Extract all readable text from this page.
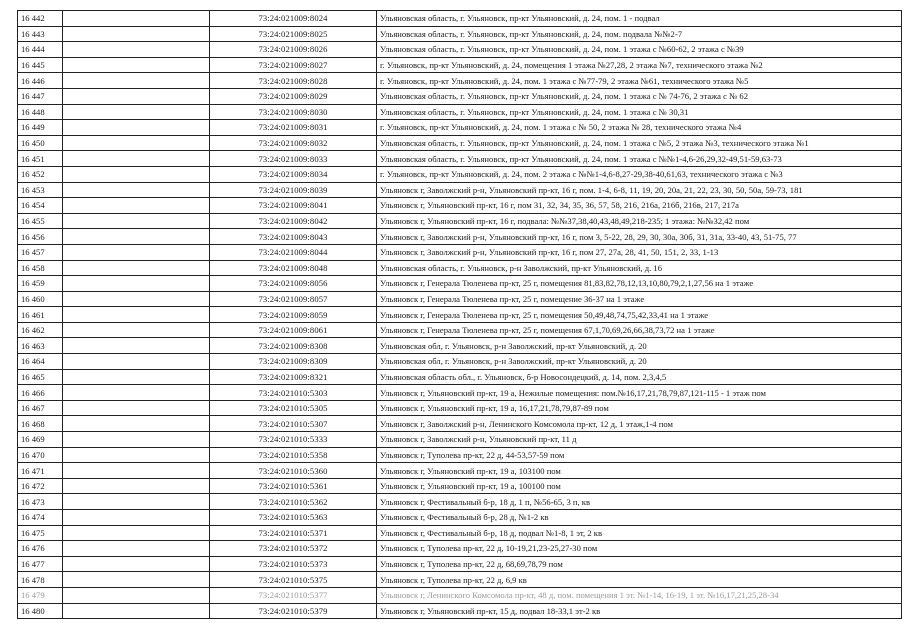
16 442		73:24:021009:8024	Ульяновская область, г. Ульяновск, пр-кт Ульяновский, д. 24, пом. 1 - подвал
16 443		73:24:021009:8025	Ульяновская область, г. Ульяновск, пр-кт Ульяновский, д. 24, пом. подвала №№2-7
16 444		73:24:021009:8026	Ульяновская область, г. Ульяновск, пр-кт Ульяновский, д. 24, пом. 1 этажа с №60-62, 2 этажа с №39
16 445		73:24:021009:8027	г. Ульяновск, пр-кт Ульяновский, д. 24, помещения 1 этажа №27,28, 2 этажа №7, технического этажа №2
16 446		73:24:021009:8028	г. Ульяновск, пр-кт Ульяновский, д. 24, пом. 1 этажа с №77-79, 2 этажа №61, технического этажа №5
16 447		73:24:021009:8029	Ульяновская область, г. Ульяновск, пр-кт Ульяновский, д. 24, пом. 1 этажа с № 74-76, 2 этажа с № 62
16 448		73:24:021009:8030	Ульяновская область, г. Ульяновск, пр-кт Ульяновский, д. 24, пом. 1 этажа с № 30,31
16 449		73:24:021009:8031	г. Ульяновск, пр-кт Ульяновский, д. 24, пом. 1 этажа с № 50, 2 этажа № 28, технического этажа №4
16 450		73:24:021009:8032	Ульяновская область, г. Ульяновск, пр-кт Ульяновский, д. 24, пом. 1 этажа с №5, 2 этажа №3, технического этажа №1
16 451		73:24:021009:8033	Ульяновская область, г. Ульяновск, пр-кт Ульяновский, д. 24, пом. 1 этажа с №№1-4,6-26,29,32-49,51-59,63-73
16 452		73:24:021009:8034	г. Ульяновск, пр-кт Ульяновский, д. 24, пом. 2 этажа с №№1-4,6-8,27-29,38-40,61,63, технического этажа с №3
16 453		73:24:021009:8039	Ульяновск г, Заволжский р-н, Ульяновский пр-кт, 16 г, пом. 1-4, 6-8, 11, 19, 20, 20а, 21, 22, 23, 30, 50, 50а, 59-73, 181
16 454		73:24:021009:8041	Ульяновск г, Ульяновский пр-кт, 16 г, пом 31, 32, 34, 35, 36, 57, 58, 216, 216а, 216б, 216в, 217, 217а
16 455		73:24:021009:8042	Ульяновск г, Ульяновский пр-кт, 16 г, подвала: №№37,38,40,43,48,49,218-235; 1 этажа: №№32,42 пом
16 456		73:24:021009:8043	Ульяновск г, Заволжский р-н, Ульяновский пр-кт, 16 г, пом 3, 5-22, 28, 29, 30, 30а, 30б, 31, 31а, 33-40, 43, 51-75, 77
16 457		73:24:021009:8044	Ульяновск г, Заволжский р-н, Ульяновский пр-кт, 16 г, пом 27, 27а, 28, 41, 50, 151, 2, 33, 1-13
16 458		73:24:021009:8048	Ульяновская область, г. Ульяновск, р-н Заволжский, пр-кт Ульяновский, д. 16
16 459		73:24:021009:8056	Ульяновск г, Генерала Тюленева пр-кт, 25 г, помещения 81,83,82,78,12,13,10,80,79,2,1,27,56 на 1 этаже
16 460		73:24:021009:8057	Ульяновск г, Генерала Тюленева пр-кт, 25 г, помещение 36-37 на 1 этаже
16 461		73:24:021009:8059	Ульяновск г, Генерала Тюленева пр-кт, 25 г, помещения 50,49,48,74,75,42,33,41 на 1 этаже
16 462		73:24:021009:8061	Ульяновск г, Генерала Тюленева пр-кт, 25 г, помещения 67,1,70,69,26,66,38,73,72 на 1 этаже
16 463		73:24:021009:8308	Ульяновская обл, г. Ульяновск, р-н Заволжский, пр-кт Ульяновский, д. 20
16 464		73:24:021009:8309	Ульяновская обл, г. Ульяновск, р-н Заволжский, пр-кт Ульяновский, д. 20
16 465		73:24:021009:8321	Ульяновская область обл., г. Ульяновск, б-р Новосондецкий, д. 14, пом. 2,3,4,5
16 466		73:24:021010:5303	Ульяновск г, Ульяновский пр-кт, 19 а, Нежилые помещения: пом.№16,17,21,78,79,87,121-115 - 1 этаж пом
16 467		73:24:021010:5305	Ульяновск г, Ульяновский пр-кт, 19 а, 16,17,21,78,79,87-89 пом
16 468		73:24:021010:5307	Ульяновск г, Заволжский р-н, Ленинского Комсомола пр-кт, 12 д, 1 этаж,1-4 пом
16 469		73:24:021010:5333	Ульяновск г, Заволжский р-н, Ульяновский пр-кт, 11 д
16 470		73:24:021010:5358	Ульяновск г, Туполева пр-кт, 22 д, 44-53,57-59 пом
16 471		73:24:021010:5360	Ульяновск г, Ульяновский пр-кт, 19 а, 103100 пом
16 472		73:24:021010:5361	Ульяновск г, Ульяновский пр-кт, 19 а, 100100 пом
16 473		73:24:021010:5362	Ульяновск г, Фестивальный б-р, 18 д, 1 п, №56-65, 3 п, кв
16 474		73:24:021010:5363	Ульяновск г, Фестивальный б-р, 28 д, №1-2 кв
16 475		73:24:021010:5371	Ульяновск г, Фестивальный б-р, 18 д, подвал №1-8, 1 эт, 2 кв
16 476		73:24:021010:5372	Ульяновск г, Туполева пр-кт, 22 д, 10-19,21,23-25,27-30 пом
16 477		73:24:021010:5373	Ульяновск г, Туполева пр-кт, 22 д, 68,69,78,79 пом
16 478		73:24:021010:5375	Ульяновск г, Туполева пр-кт, 22 д, 6,9 кв
16 479		73:24:021010:5377	Ульяновск г, Ленинского Комсомола пр-кт, 48 д, пом. помещения 1 эт. №1-14, 16-19, 1 эт. №16,17,21,25,28-34
16 480		73:24:021010:5379	Ульяновск г, Ульяновский пр-кт, 15 д, подвал 18-33,1 эт-2 кв
